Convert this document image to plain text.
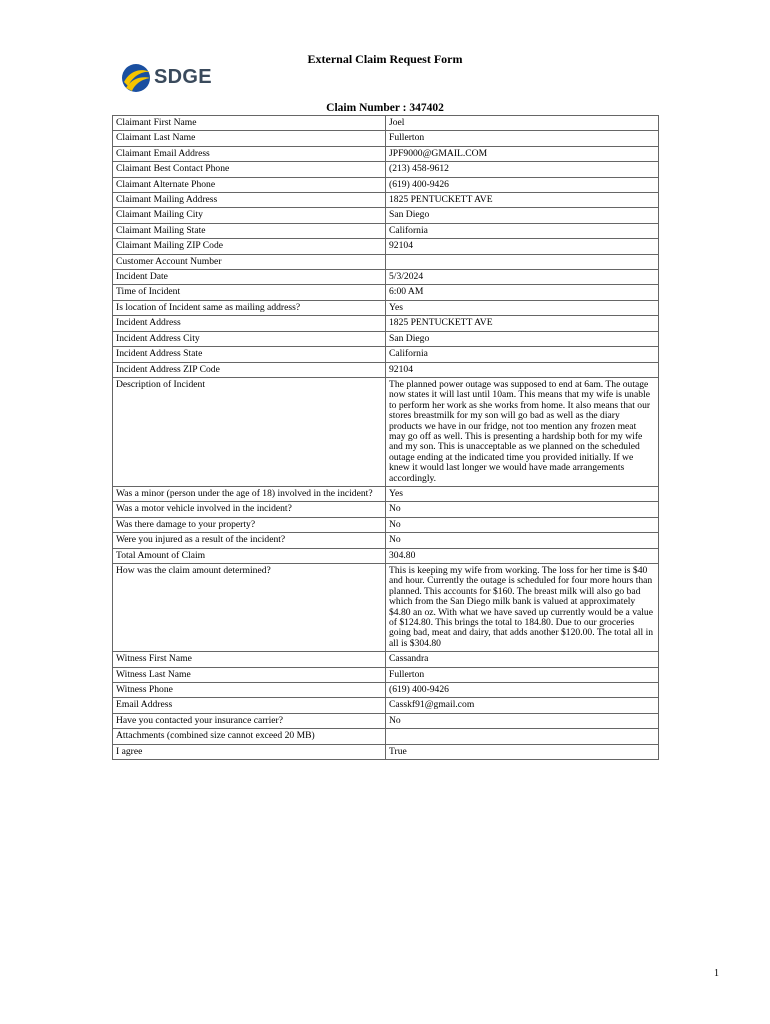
External Claim Request Form
SDGE
Claim Number : 347402
Claimant First Name	Joel
Claimant Last Name	Fullerton
Claimant Email Address	JPF9000@GMAIL.COM
Claimant Best Contact Phone	(213) 458-9612
Claimant Alternate Phone	(619) 400-9426
Claimant Mailing Address	1825 PENTUCKETT AVE
Claimant Mailing City	San Diego
Claimant Mailing State	California
Claimant Mailing ZIP Code	92104
Customer Account Number	
Incident Date	5/3/2024
Time of Incident	6:00 AM
Is location of Incident same as mailing address?	Yes
Incident Address	1825 PENTUCKETT AVE
Incident Address City	San Diego
Incident Address State	California
Incident Address ZIP Code	92104
Description of Incident	The planned power outage was supposed to end at 6am. The outage now states it will last until 10am. This means that my wife is unable to perform her work as she works from home. It also means that our stores breastmilk for my son will go bad as well as the diary products we have in our fridge, not too mention any frozen meat may go off as well. This is presenting a hardship both for my wife and my son. This is unacceptable as we planned on the scheduled outage ending at the indicated time you provided initially. If we knew it would last longer we would have made arrangements accordingly.
Was a minor (person under the age of 18) involved in the incident?	Yes
Was a motor vehicle involved in the incident?	No
Was there damage to your property?	No
Were you injured as a result of the incident?	No
Total Amount of Claim	304.80
How was the claim amount determined?	This is keeping my wife from working. The loss for her time is $40 and hour. Currently the outage is scheduled for four more hours than planned. This accounts for $160. The breast milk will also go bad which from the San Diego milk bank is valued at approximately $4.80 an oz. With what we have saved up currently would be a value of $124.80. This brings the total to 184.80. Due to our groceries going bad, meat and dairy, that adds another $120.00. The total all in all is $304.80
Witness First Name	Cassandra
Witness Last Name	Fullerton
Witness Phone	(619) 400-9426
Email Address	Casskf91@gmail.com
Have you contacted your insurance carrier?	No
Attachments (combined size cannot exceed 20 MB)	
I agree	True
1
